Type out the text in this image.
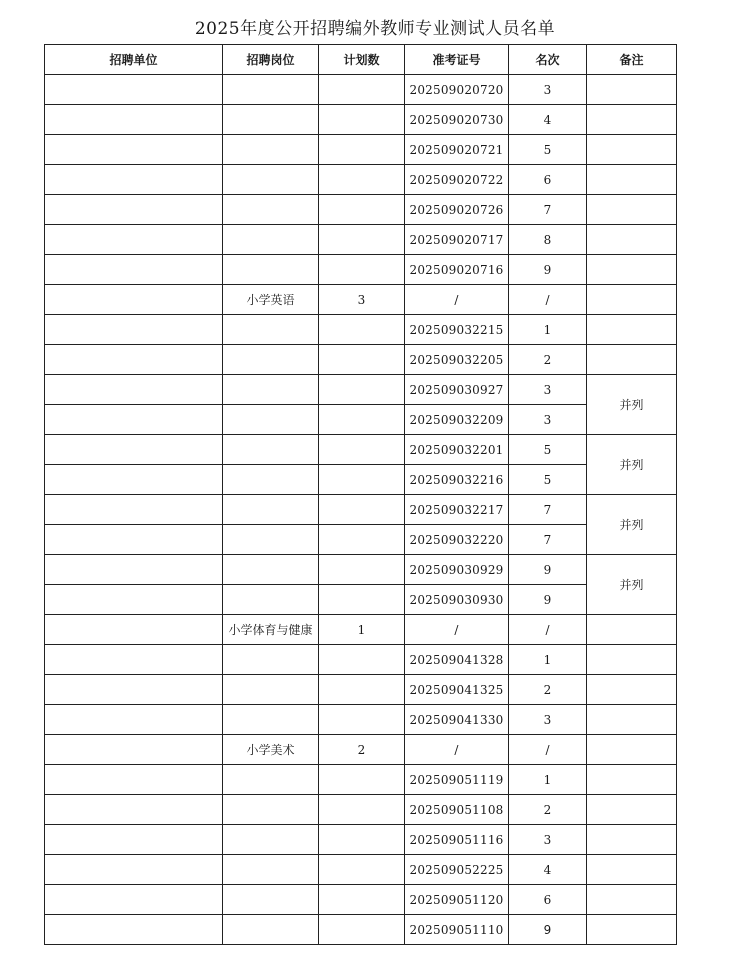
2025年度公开招聘编外教师专业测试人员名单
招聘单位	招聘岗位	计划数	准考证号	名次	备注
			202509020720	3	
			202509020730	4	
			202509020721	5	
			202509020722	6	
			202509020726	7	
			202509020717	8	
			202509020716	9	
	小学英语	3	/	/	
			202509032215	1	
			202509032205	2	
			202509030927	3	并列
			202509032209	3	
			202509032201	5	并列
			202509032216	5	
			202509032217	7	并列
			202509032220	7	
			202509030929	9	并列
			202509030930	9	
	小学体育与健康	1	/	/	
			202509041328	1	
			202509041325	2	
			202509041330	3	
	小学美术	2	/	/	
			202509051119	1	
			202509051108	2	
			202509051116	3	
			202509052225	4	
			202509051120	6	
			202509051110	9	
